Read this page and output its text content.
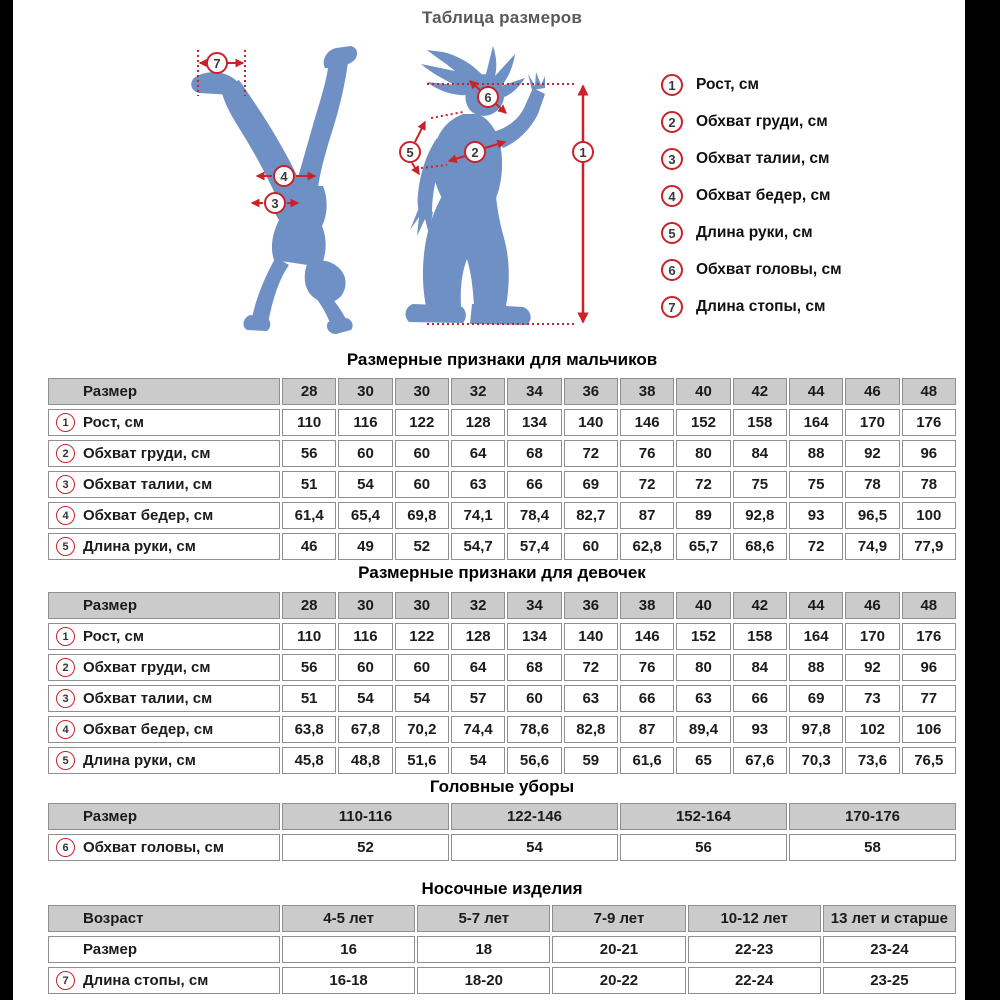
Таблица размеров
7
4
3
6
2
5	1
1	Рост, см
2	Обхват груди, см
3	Обхват талии, см
4	Обхват бедер, см
5	Длина руки, см
6	Обхват головы, см
7	Длина стопы, см
Размерные признаки для мальчиков
Размерные признаки для девочек
Головные уборы
Носочные изделия
Размер	28	30	30	32	34	36	38	40	42	44	46	48

1 Рост, см	110	116	122	128	134	140	146	152	158	164	170	176

2 Обхват груди, см	56	60	60	64	68	72	76	80	84	88	92	96

3 Обхват талии, см	51	54	60	63	66	69	72	72	75	75	78	78

4 Обхват бедер, см	61,4	65,4	69,8	74,1	78,4	82,7	87	89	92,8	93	96,5	100

5 Длина руки, см	46	49	52	54,7	57,4	60	62,8	65,7	68,6	72	74,9	77,9
Размер	28	30	30	32	34	36	38	40	42	44	46	48

1 Рост, см	110	116	122	128	134	140	146	152	158	164	170	176

2 Обхват груди, см	56	60	60	64	68	72	76	80	84	88	92	96

3 Обхват талии, см	51	54	54	57	60	63	66	63	66	69	73	77

4 Обхват бедер, см	63,8	67,8	70,2	74,4	78,6	82,8	87	89,4	93	97,8	102	106

5 Длина руки, см	45,8	48,8	51,6	54	56,6	59	61,6	65	67,6	70,3	73,6	76,5
Размер	110-116	122-146	152-164	170-176

6 Обхват головы, см	52	54	56	58
Возраст	4-5 лет	5-7 лет	7-9 лет	10-12 лет	13 лет и старше

Размер	16	18	20-21	22-23	23-24

7 Длина стопы, см	16-18	18-20	20-22	22-24	23-25
